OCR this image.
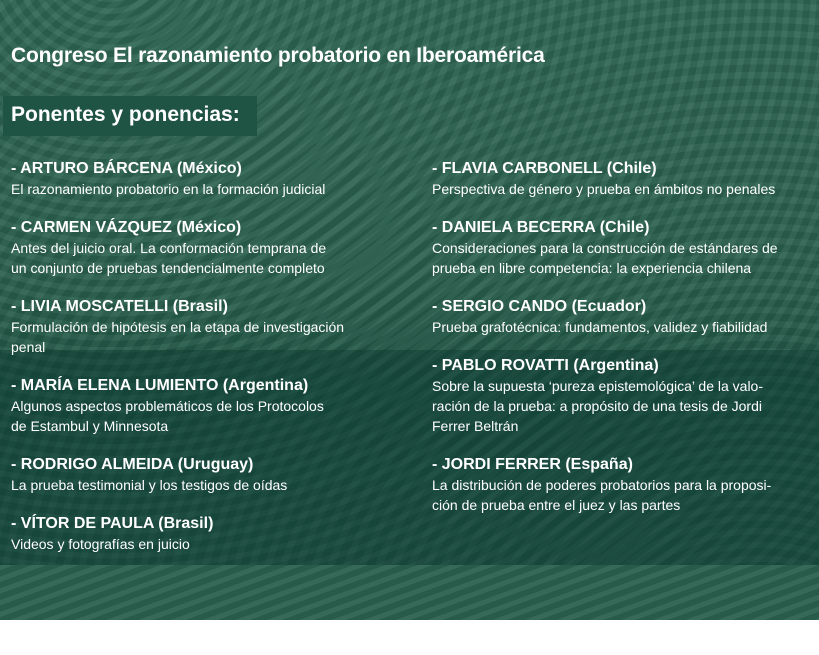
Congreso El razonamiento probatorio en Iberoamérica
Ponentes y ponencias:

- ARTURO BÁRCENA (México)

El razonamiento probatorio en la formación judicial

- CARMEN VÁZQUEZ (México)

Antes del juicio oral. La conformación temprana de

un conjunto de pruebas tendencialmente completo

- LIVIA MOSCATELLI (Brasil)

Formulación de hipótesis en la etapa de investigación

penal

- MARÍA ELENA LUMIENTO (Argentina)

Algunos aspectos problemáticos de los Protocolos

de Estambul y Minnesota

- RODRIGO ALMEIDA (Uruguay)

La prueba testimonial y los testigos de oídas

- VÍTOR DE PAULA (Brasil)

Videos y fotografías en juicio

- FLAVIA CARBONELL (Chile)

Perspectiva de género y prueba en ámbitos no penales

- DANIELA BECERRA (Chile)

Consideraciones para la construcción de estándares de

prueba en libre competencia: la experiencia chilena

- SERGIO CANDO (Ecuador)

Prueba grafotécnica: fundamentos, validez y fiabilidad

- PABLO ROVATTI (Argentina)

Sobre la supuesta ‘pureza epistemológica’ de la valo-

ración de la prueba: a propósito de una tesis de Jordi

Ferrer Beltrán

- JORDI FERRER (España)

La distribución de poderes probatorios para la proposi-

ción de prueba entre el juez y las partes
